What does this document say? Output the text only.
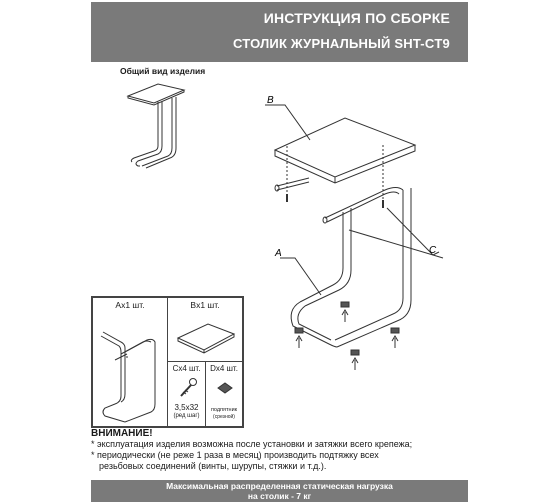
ИНСТРУКЦИЯ ПО СБОРКЕ
СТОЛИК ЖУРНАЛЬНЫЙ SHT-CT9
Общий вид изделия
B
A	C
Ax1 шт.	Bx1 шт.
Cx4 шт.
3,5x32
(ред шаг)
Dx4 шт.
подпятник
(срезной)
ВНИМАНИЕ!
* эксплуатация изделия возможна после установки и затяжки всего крепежа;
* периодически (не реже 1 раза в месяц) производить подтяжку всех
резьбовых соединений (винты, шурупы, стяжки и т.д.).
Максимальная распределенная статическая нагрузка
на столик - 7 кг
